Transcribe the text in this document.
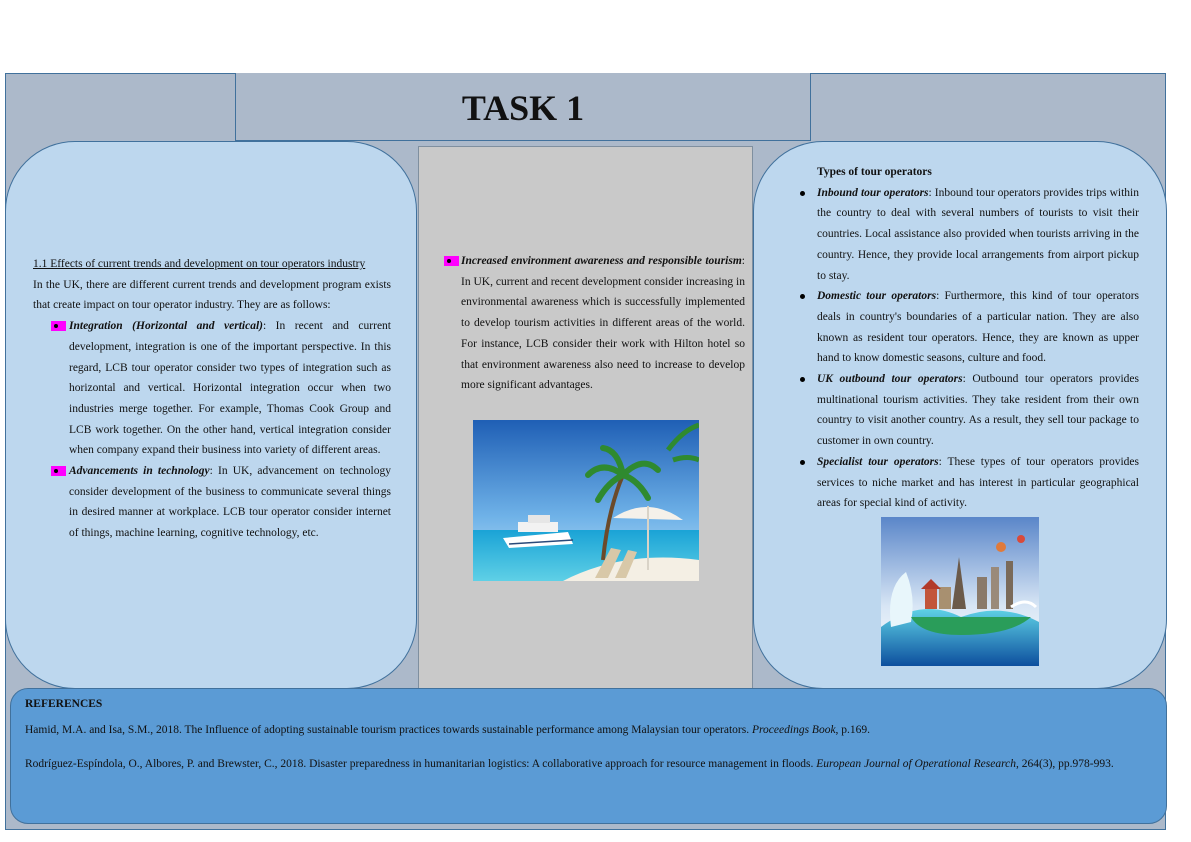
TASK 1
1.1 Effects of current trends and development on tour operators industry
In the UK, there are different current trends and development program exists that create impact on tour operator industry. They are as follows:
Integration (Horizontal and vertical): In recent and current development, integration is one of the important perspective. In this regard, LCB tour operator consider two types of integration such as horizontal and vertical. Horizontal integration occur when two industries merge together. For example, Thomas Cook Group and LCB work together. On the other hand, vertical integration consider when company expand their business into variety of different areas.
Advancements in technology: In UK, advancement on technology consider development of the business to communicate several things in desired manner at workplace. LCB tour operator consider internet of things, machine learning, cognitive technology, etc.
Increased environment awareness and responsible tourism: In UK, current and recent development consider increasing in environmental awareness which is successfully implemented to develop tourism activities in different areas of the world. For instance, LCB consider their work with Hilton hotel so that environment awareness also need to increase to develop more significant advantages.
Types of tour operators
Inbound tour operators: Inbound tour operators provides trips within the country to deal with several numbers of tourists to visit their countries. Local assistance also provided when tourists arriving in the country. Hence, they provide local arrangements from airport pickup to stay.
Domestic tour operators: Furthermore, this kind of tour operators deals in country's boundaries of a particular nation. They are also known as resident tour operators. Hence, they are known as upper hand to know domestic seasons, culture and food.
UK outbound tour operators: Outbound tour operators provides multinational tourism activities. They take resident from their own country to visit another country. As a result, they sell tour package to customer in own country.
Specialist tour operators: These types of tour operators provides services to niche market and has interest in particular geographical areas for special kind of activity.
REFERENCES

Hamid, M.A. and Isa, S.M., 2018. The Influence of adopting sustainable tourism practices towards sustainable performance among Malaysian tour operators. Proceedings Book, p.169.

Rodríguez-Espíndola, O., Albores, P. and Brewster, C., 2018. Disaster preparedness in humanitarian logistics: A collaborative approach for resource management in floods. European Journal of Operational Research, 264(3), pp.978-993.
